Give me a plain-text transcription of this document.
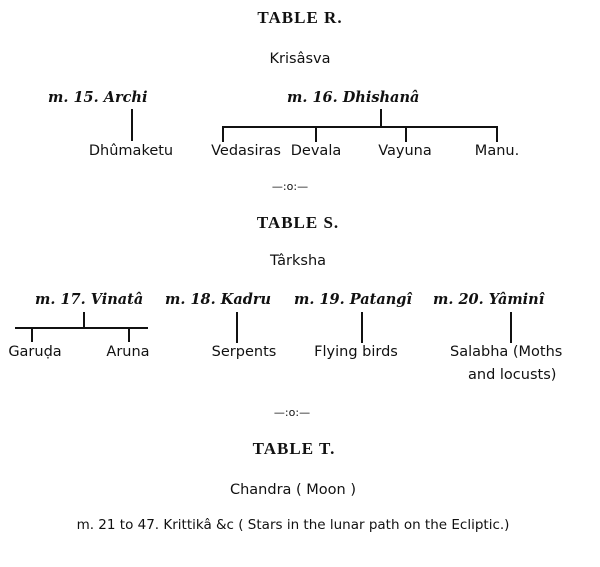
TABLE R.
Krisâsva
m. 15. Archi	m. 16. Dhishanâ
Dhûmaketu	Vedasiras Devala	Vayuna	Manu.
—:o:—
TABLE S.
Târksha
m. 17. Vinatâ m. 18. Kadru m. 19. Patangî m. 20. Yâminî
Garuḍa	Aruna	Serpents	Flying birds	Salabha (Moths
and locusts)
—:o:—
TABLE T.
Chandra ( Moon )
m. 21 to 47. Krittikâ &c ( Stars in the lunar path on the Ecliptic.)
